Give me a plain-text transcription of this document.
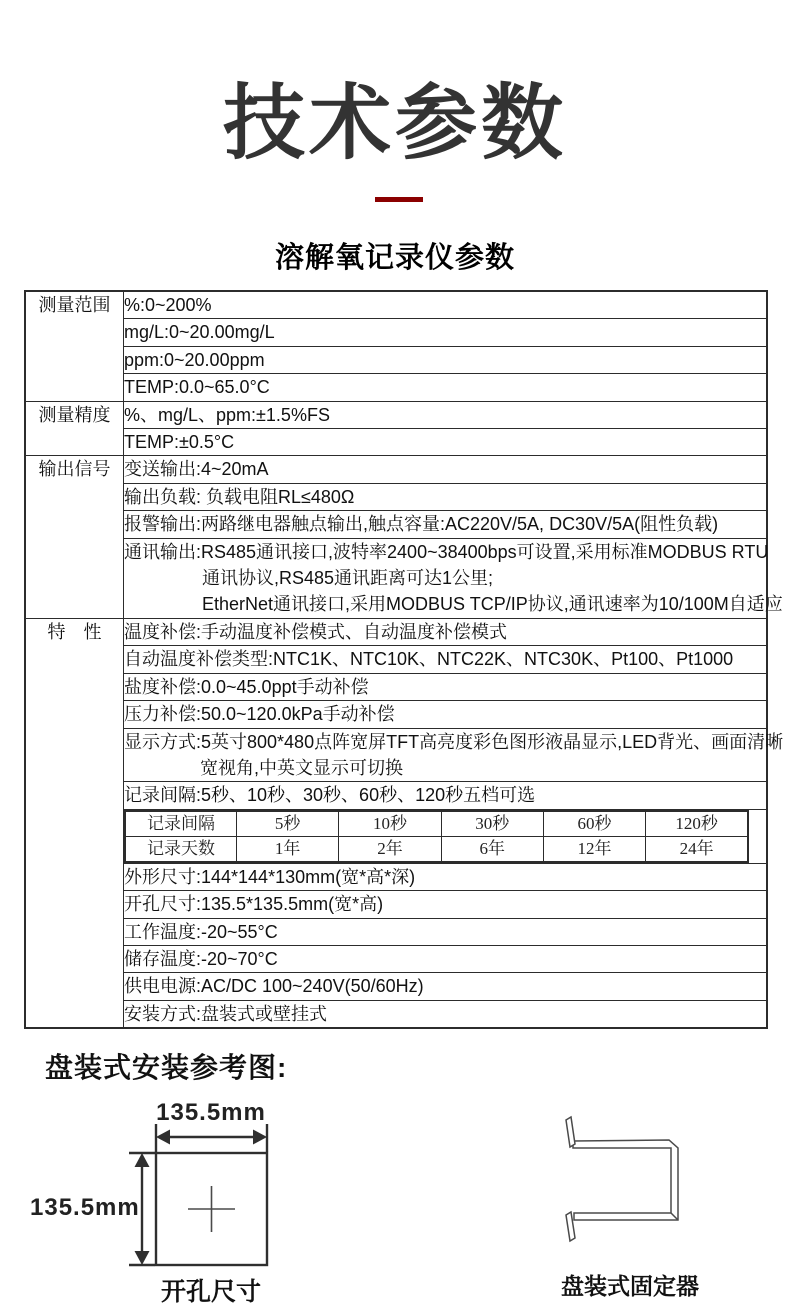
技术参数
溶解氧记录仪参数
测量范围	%:0~200%

mg/L:0~20.00mg/L

ppm:0~20.00ppm

TEMP:0.0~65.0°C

测量精度	%、mg/L、ppm:±1.5%FS

TEMP:±0.5°C

输出信号	变送输出:4~20mA

输出负载: 负载电阻RL≤480Ω

报警输出:两路继电器触点输出,触点容量:AC220V/5A, DC30V/5A(阻性负载)

通讯输出:RS485通讯接口,波特率2400~38400bps可设置,采用标准MODBUS RTU
通讯协议,RS485通讯距离可达1公里;
EtherNet通讯接口,采用MODBUS TCP/IP协议,通讯速率为10/100M自适应

特　性	温度补偿:手动温度补偿模式、自动温度补偿模式

自动温度补偿类型:NTC1K、NTC10K、NTC22K、NTC30K、Pt100、Pt1000

盐度补偿:0.0~45.0ppt手动补偿

压力补偿:50.0~120.0kPa手动补偿

显示方式:5英寸800*480点阵宽屏TFT高亮度彩色图形液晶显示,LED背光、画面清晰
宽视角,中英文显示可切换

记录间隔:5秒、10秒、30秒、60秒、120秒五档可选

记录间隔	5秒	10秒	30秒	60秒	120秒
记录天数	1年	2年	6年	12年	24年

外形尺寸:144*144*130mm(宽*高*深)

开孔尺寸:135.5*135.5mm(宽*高)

工作温度:-20~55°C

储存温度:-20~70°C

供电电源:AC/DC 100~240V(50/60Hz)

安装方式:盘装式或壁挂式
盘装式安装参考图:
135.5mm
135.5mm
开孔尺寸	盘装式固定器
